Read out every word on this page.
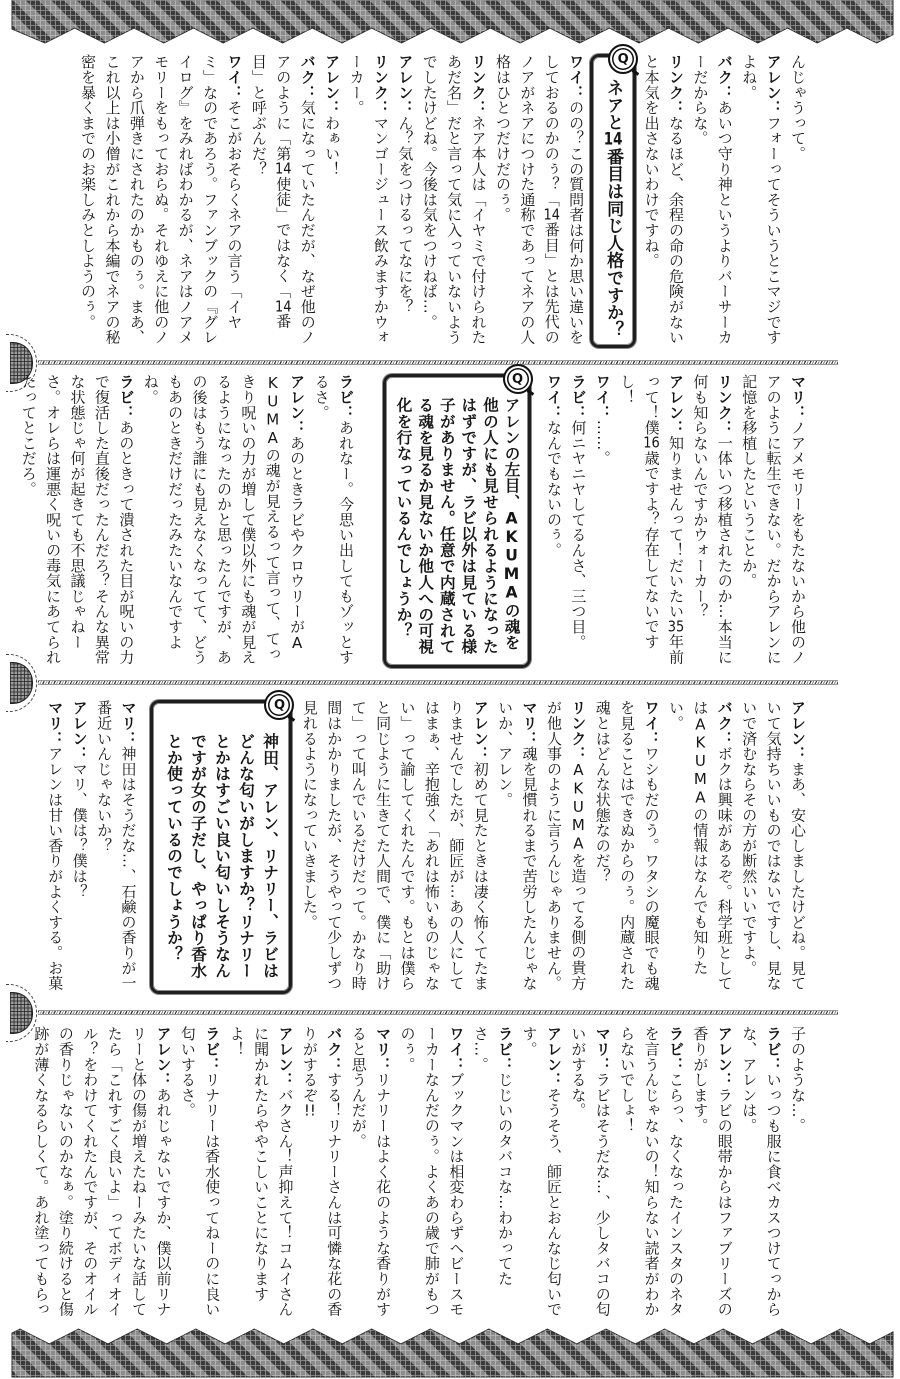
んじゃうって。

アレン：フォーってそういうとこマジですよね。

バク：あいつ守り神というよりバーサーカーだからな。

リンク：なるほど、余程の命の危険がないと本気を出さないわけですね。

Q

ネアと14番目は同じ人格ですか？

ワイ：のの？この質問者は何か思い違いをしておるのかのぅ？「14番目」とは先代のノアがネアにつけた通称であってネアの人格はひとつだけだのぅ。

リンク：ネア本人は「イヤミで付けられたあだ名」だと言って気に入っていないようでしたけどね。今後は気をつけねば…。

アレン：ん？気をつけるってなにを？

リンク：マンゴージュース飲みますかウォーカー。

アレン：わぁい！

バク：気になっていたんだが、なぜ他のノアのように「第14使徒」ではなく「14番目」と呼ぶんだ？

ワイ：そこがおそらくネアの言う「イヤミ」なのであろう。ファンブックの『グレイログ』をみればわかるが、ネアはノアメモリーをもっておらぬ。それゆえに他のノアから爪弾きにされたのかものぅ。まあ、これ以上は小僧がこれから本編でネアの秘密を暴くまでのお楽しみとしようのぅ。

マリ：ノアメモリーをもたないから他のノアのように転生できない。だからアレンに記憶を移植したということか。

リンク：一体いつ移植されたのか…本当に何も知らないんですかウォーカー？

アレン：知りませんって！だいたい35年前って！僕16歳ですよ？存在してないですし！

ワイ：……。

ラビ：何ニヤニヤしてるんさ、三つ目。

ワイ：なんでもないのぅ。

Q

アレンの左目、AKUMAの魂を他の人にも見せられるようになったはずですが、ラビ以外は見ている様子がありません。任意で内蔵されてる魂を見るか見ないか他人への可視化を行なっているんでしょうか？

ラビ：あれなー。今思い出してもゾッとするさ。

アレン：あのときラビやクロウリーがAKUMAの魂が見えるって言って、てっきり呪いの力が増して僕以外にも魂が見えるようになったのかと思ったんですが、あの後はもう誰にも見えなくなってて、どうもあのときだけだったみたいなんですよね。

ラビ：あのときって潰された目が呪いの力で復活した直後だったんだろ？そんな異常な状態じゃ何が起きても不思議じゃねーさ。オレらは運悪く呪いの毒気にあてられたってとこだろ。

アレン：まあ、安心しましたけどね。見ていて気持ちいいものではないですし、見ないで済むならその方が断然いいですよ。

バク：ボクは興味があるぞ。科学班としてはAKUMAの情報はなんでも知りたい。

ワイ：ワシもだのう。ワタシの魔眼でも魂を見ることはできぬからのぅ。内蔵された魂とはどんな状態なのだ？

リンク：AKUMAを造ってる側の貴方が他人事のように言うんじゃありません。

マリ：魂を見慣れるまで苦労したんじゃないか、アレン。

アレン：初めて見たときは凄く怖くてたまりませんでしたが、師匠が…あの人にしてはまぁ、辛抱強く「あれは怖いものじゃない」って諭してくれたんです。もとは僕らと同じように生きてた人間で、僕に「助けて」って叫んでいるだけだって。かなり時間はかかりましたが、そうやって少しずつ見れるようになっていきました。

Q

神田、アレン、リナリー、ラビはどんな匂いがしますか？リナリーとかはすごい良い匂いしそうなんですが女の子だし、やっぱり香水とか使っているのでしょうか？

マリ：神田はそうだな…、石鹸の香りが一番近いんじゃないか？

アレン：マリ、僕は？僕は？

マリ：アレンは甘い香りがよくする。お菓

子のような…。

ラビ：いっつも服に食べカスつけてっからな、アレンは。

アレン：ラビの眼帯からはファブリーズの香りがします。

ラビ：こらっ、なくなったインスタのネタを言うんじゃないの！知らない読者がわからないでしょ！

マリ：ラビはそうだな…、少しタバコの匂いがするな。

アレン：そうそう、師匠とおんなじ匂いです。

ラビ：じじいのタバコな…わかってたさ…。

ワイ：ブックマンは相変わらずヘビースモーカーなんだのぅ。よくあの歳で肺がもつのぅ。

マリ：リナリーはよく花のような香りがすると思うんだが。

バク：する！リナリーさんは可憐な花の香りがするぞ!!

アレン：バクさん！声抑えて！コムイさんに聞かれたらややこしいことになりますよ！

ラビ：リナリーは香水使ってねーのに良い匂いするさ。

アレン：あれじゃないですか、僕以前リナリーと体の傷が増えたねーみたいな話してたら「これすごく良いよ」ってボディオイル？をわけてくれたんですが、そのオイルの香りじゃないのかなぁ。塗り続けると傷跡が薄くなるらしくて。あれ塗ってもらっ
